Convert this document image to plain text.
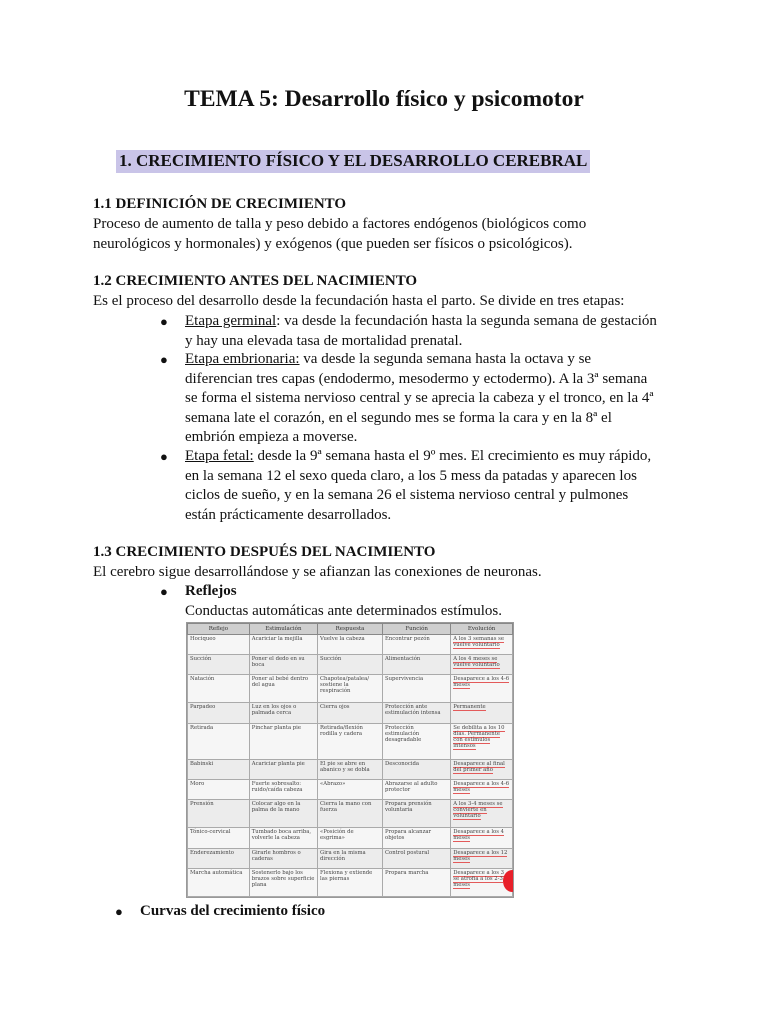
TEMA 5: Desarrollo físico y psicomotor
1. CRECIMIENTO FÍSICO Y EL DESARROLLO CEREBRAL
1.1 DEFINICIÓN DE CRECIMIENTO

Proceso de aumento de talla y peso debido a factores endógenos (biológicos como

neurológicos y hormonales) y exógenos (que pueden ser físicos o psicológicos).

1.2 CRECIMIENTO ANTES DEL NACIMIENTO

Es el proceso del desarrollo desde la fecundación hasta el parto. Se divide en tres etapas:

● Etapa germinal: va desde la fecundación hasta la segunda semana de gestación
y hay una elevada tasa de mortalidad prenatal.
● Etapa embrionaria: va desde la segunda semana hasta la octava y se
diferencian tres capas (endodermo, mesodermo y ectodermo). A la 3ª semana
se forma el sistema nervioso central y se aprecia la cabeza y el tronco, en la 4ª
semana late el corazón, en el segundo mes se forma la cara y en la 8ª el
embrión empieza a moverse.
● Etapa fetal: desde la 9ª semana hasta el 9º mes. El crecimiento es muy rápido,
en la semana 12 el sexo queda claro, a los 5 mess da patadas y aparecen los
ciclos de sueño, y en la semana 26 el sistema nervioso central y pulmones
están prácticamente desarrollados.
1.3 CRECIMIENTO DESPUÉS DEL NACIMIENTO

El cerebro sigue desarrollándose y se afianzan las conexiones de neuronas.

● Reflejos
Conductas automáticas ante determinados estímulos.
Reflejo	Estimulación	Respuesta	Función	Evolución
Hociqueo	Acariciar la mejilla	Vuelve la cabeza	Encontrar pezón	A los 3 semanas se vuelve voluntario
Succión	Poner el dedo en su boca	Succión	Alimentación	A los 4 meses se vuelve voluntario
Natación	Poner al bebé dentro del agua	Chapotea/patalea/ sostiene la respiración	Supervivencia	Desaparece a los 4-6 meses
Parpadeo	Luz en los ojos o palmada cerca	Cierra ojos	Protección ante estimulación intensa	Permanente
Retirada	Pinchar planta pie	Retirada/flexión rodilla y cadera	Protección estimulación desagradable	Se debilita a los 10 días. Permanente con estímulos intensos
Babinski	Acariciar planta pie	El pie se abre en abanico y se dobla	Desconocida	Desaparece al final del primer año
Moro	Fuerte sobresalto: ruido/caída cabeza	«Abrazo»	Abrazarse al adulto protector	Desaparece a los 4-6 meses
Prensión	Colocar algo en la palma de la mano	Cierra la mano con fuerza	Propara prensión voluntaria	A los 3-4 meses se convierte en voluntario
Tónico-cervical	Tumbado boca arriba, volverle la cabeza	«Posición de esgrima»	Propara alcanzar objetos	Desaparece a los 4 meses
Enderezamiento	Girarle hombros o caderas	Gira en la misma dirección	Control postural	Desaparece a los 12 meses
Marcha automática	Sostenerlo bajo los brazos sobre superficie plana	Flexiona y extiende las piernas	Propara marcha	Desaparece a los 3 se atrofia a los 2-3 meses
● Curvas del crecimiento físico
